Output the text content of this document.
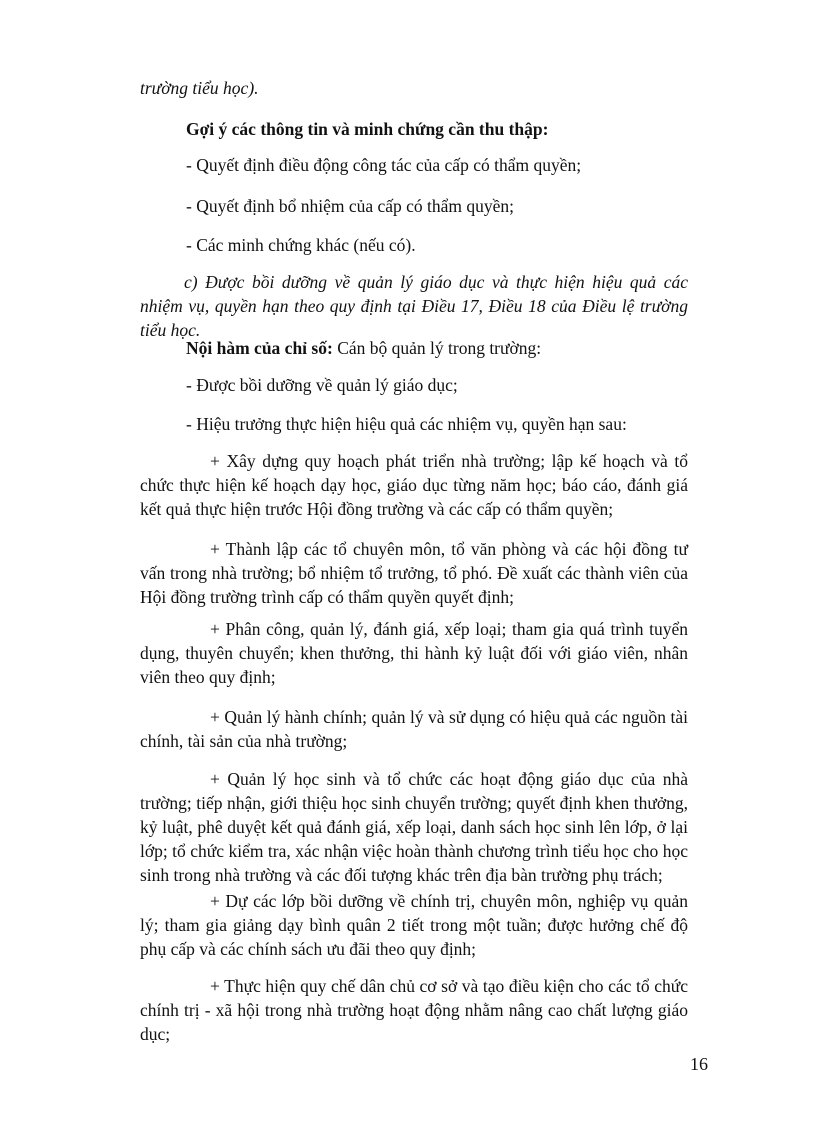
trường tiểu học).

Gợi ý các thông tin và minh chứng cần thu thập:

- Quyết định điều động công tác của cấp có thẩm quyền;

- Quyết định bổ nhiệm của cấp có thẩm quyền;

- Các minh chứng khác (nếu có).

c) Được bồi dưỡng về quản lý giáo dục và thực hiện hiệu quả các nhiệm vụ, quyền hạn theo quy định tại Điều 17, Điều 18 của Điều lệ trường tiểu học.

Nội hàm của chỉ số: Cán bộ quản lý trong trường:

- Được bồi dưỡng về quản lý giáo dục;

- Hiệu trưởng thực hiện hiệu quả các nhiệm vụ, quyền hạn sau:

+ Xây dựng quy hoạch phát triển nhà trường; lập kế hoạch và tổ chức thực hiện kế hoạch dạy học, giáo dục từng năm học; báo cáo, đánh giá kết quả thực hiện trước Hội đồng trường và các cấp có thẩm quyền;

+ Thành lập các tổ chuyên môn, tổ văn phòng và các hội đồng tư vấn trong nhà trường; bổ nhiệm tổ trưởng, tổ phó. Đề xuất các thành viên của Hội đồng trường trình cấp có thẩm quyền quyết định;

+ Phân công, quản lý, đánh giá, xếp loại; tham gia quá trình tuyển dụng, thuyên chuyển; khen thưởng, thi hành kỷ luật đối với giáo viên, nhân viên theo quy định;

+ Quản lý hành chính; quản lý và sử dụng có hiệu quả các nguồn tài chính, tài sản của nhà trường;

+ Quản lý học sinh và tổ chức các hoạt động giáo dục của nhà trường; tiếp nhận, giới thiệu học sinh chuyển trường; quyết định khen thưởng, kỷ luật, phê duyệt kết quả đánh giá, xếp loại, danh sách học sinh lên lớp, ở lại lớp; tổ chức kiểm tra, xác nhận việc hoàn thành chương trình tiểu học cho học sinh trong nhà trường và các đối tượng khác trên địa bàn trường phụ trách;

+ Dự các lớp bồi dưỡng về chính trị, chuyên môn, nghiệp vụ quản lý; tham gia giảng dạy bình quân 2 tiết trong một tuần; được hưởng chế độ phụ cấp và các chính sách ưu đãi theo quy định;

+ Thực hiện quy chế dân chủ cơ sở và tạo điều kiện cho các tổ chức chính trị - xã hội trong nhà trường hoạt động nhằm nâng cao chất lượng giáo dục;

16
